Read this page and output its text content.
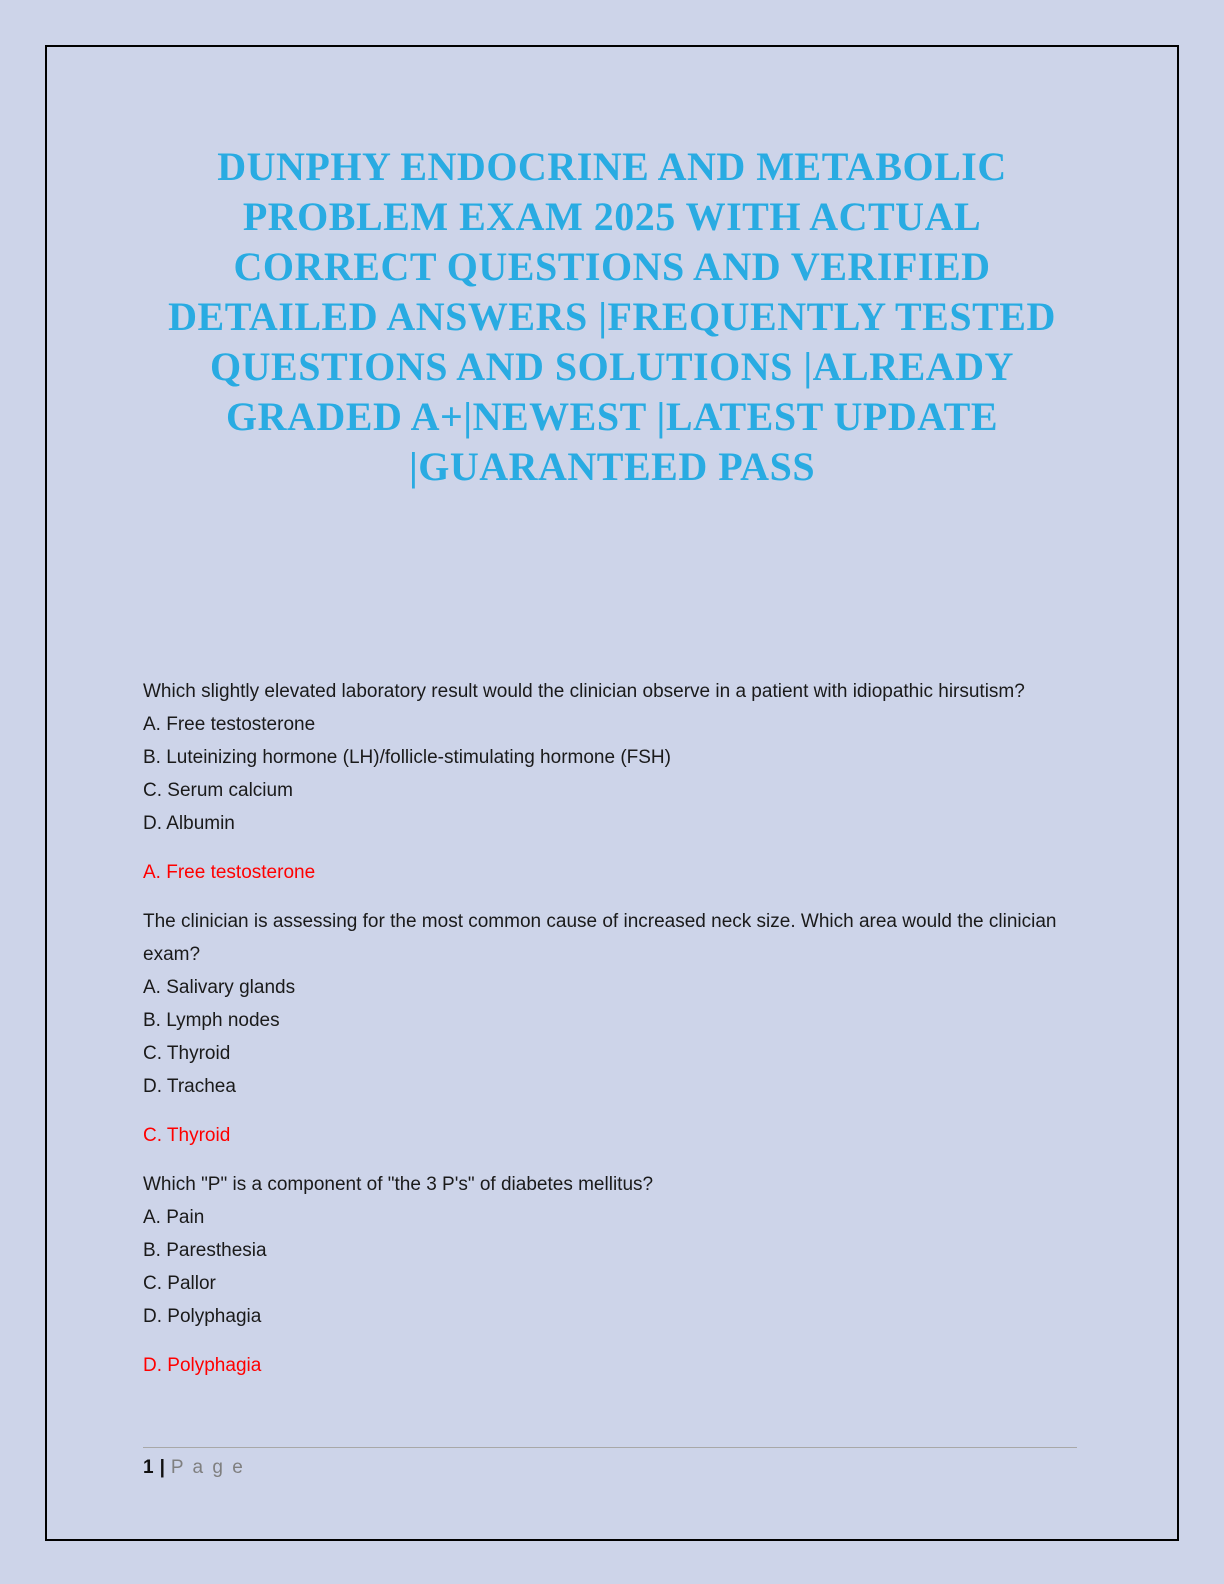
DUNPHY ENDOCRINE AND METABOLIC PROBLEM EXAM 2025 WITH ACTUAL CORRECT QUESTIONS AND VERIFIED DETAILED ANSWERS |FREQUENTLY TESTED QUESTIONS AND SOLUTIONS |ALREADY GRADED A+|NEWEST |LATEST UPDATE |GUARANTEED PASS

Which slightly elevated laboratory result would the clinician observe in a patient with idiopathic hirsutism?

A. Free testosterone

B. Luteinizing hormone (LH)/follicle-stimulating hormone (FSH)

C. Serum calcium

D. Albumin

A. Free testosterone

The clinician is assessing for the most common cause of increased neck size. Which area would the clinician exam?

A. Salivary glands

B. Lymph nodes

C. Thyroid

D. Trachea

C. Thyroid

Which "P" is a component of "the 3 P's" of diabetes mellitus?

A. Pain

B. Paresthesia

C. Pallor

D. Polyphagia

D. Polyphagia

1 | P a g e
